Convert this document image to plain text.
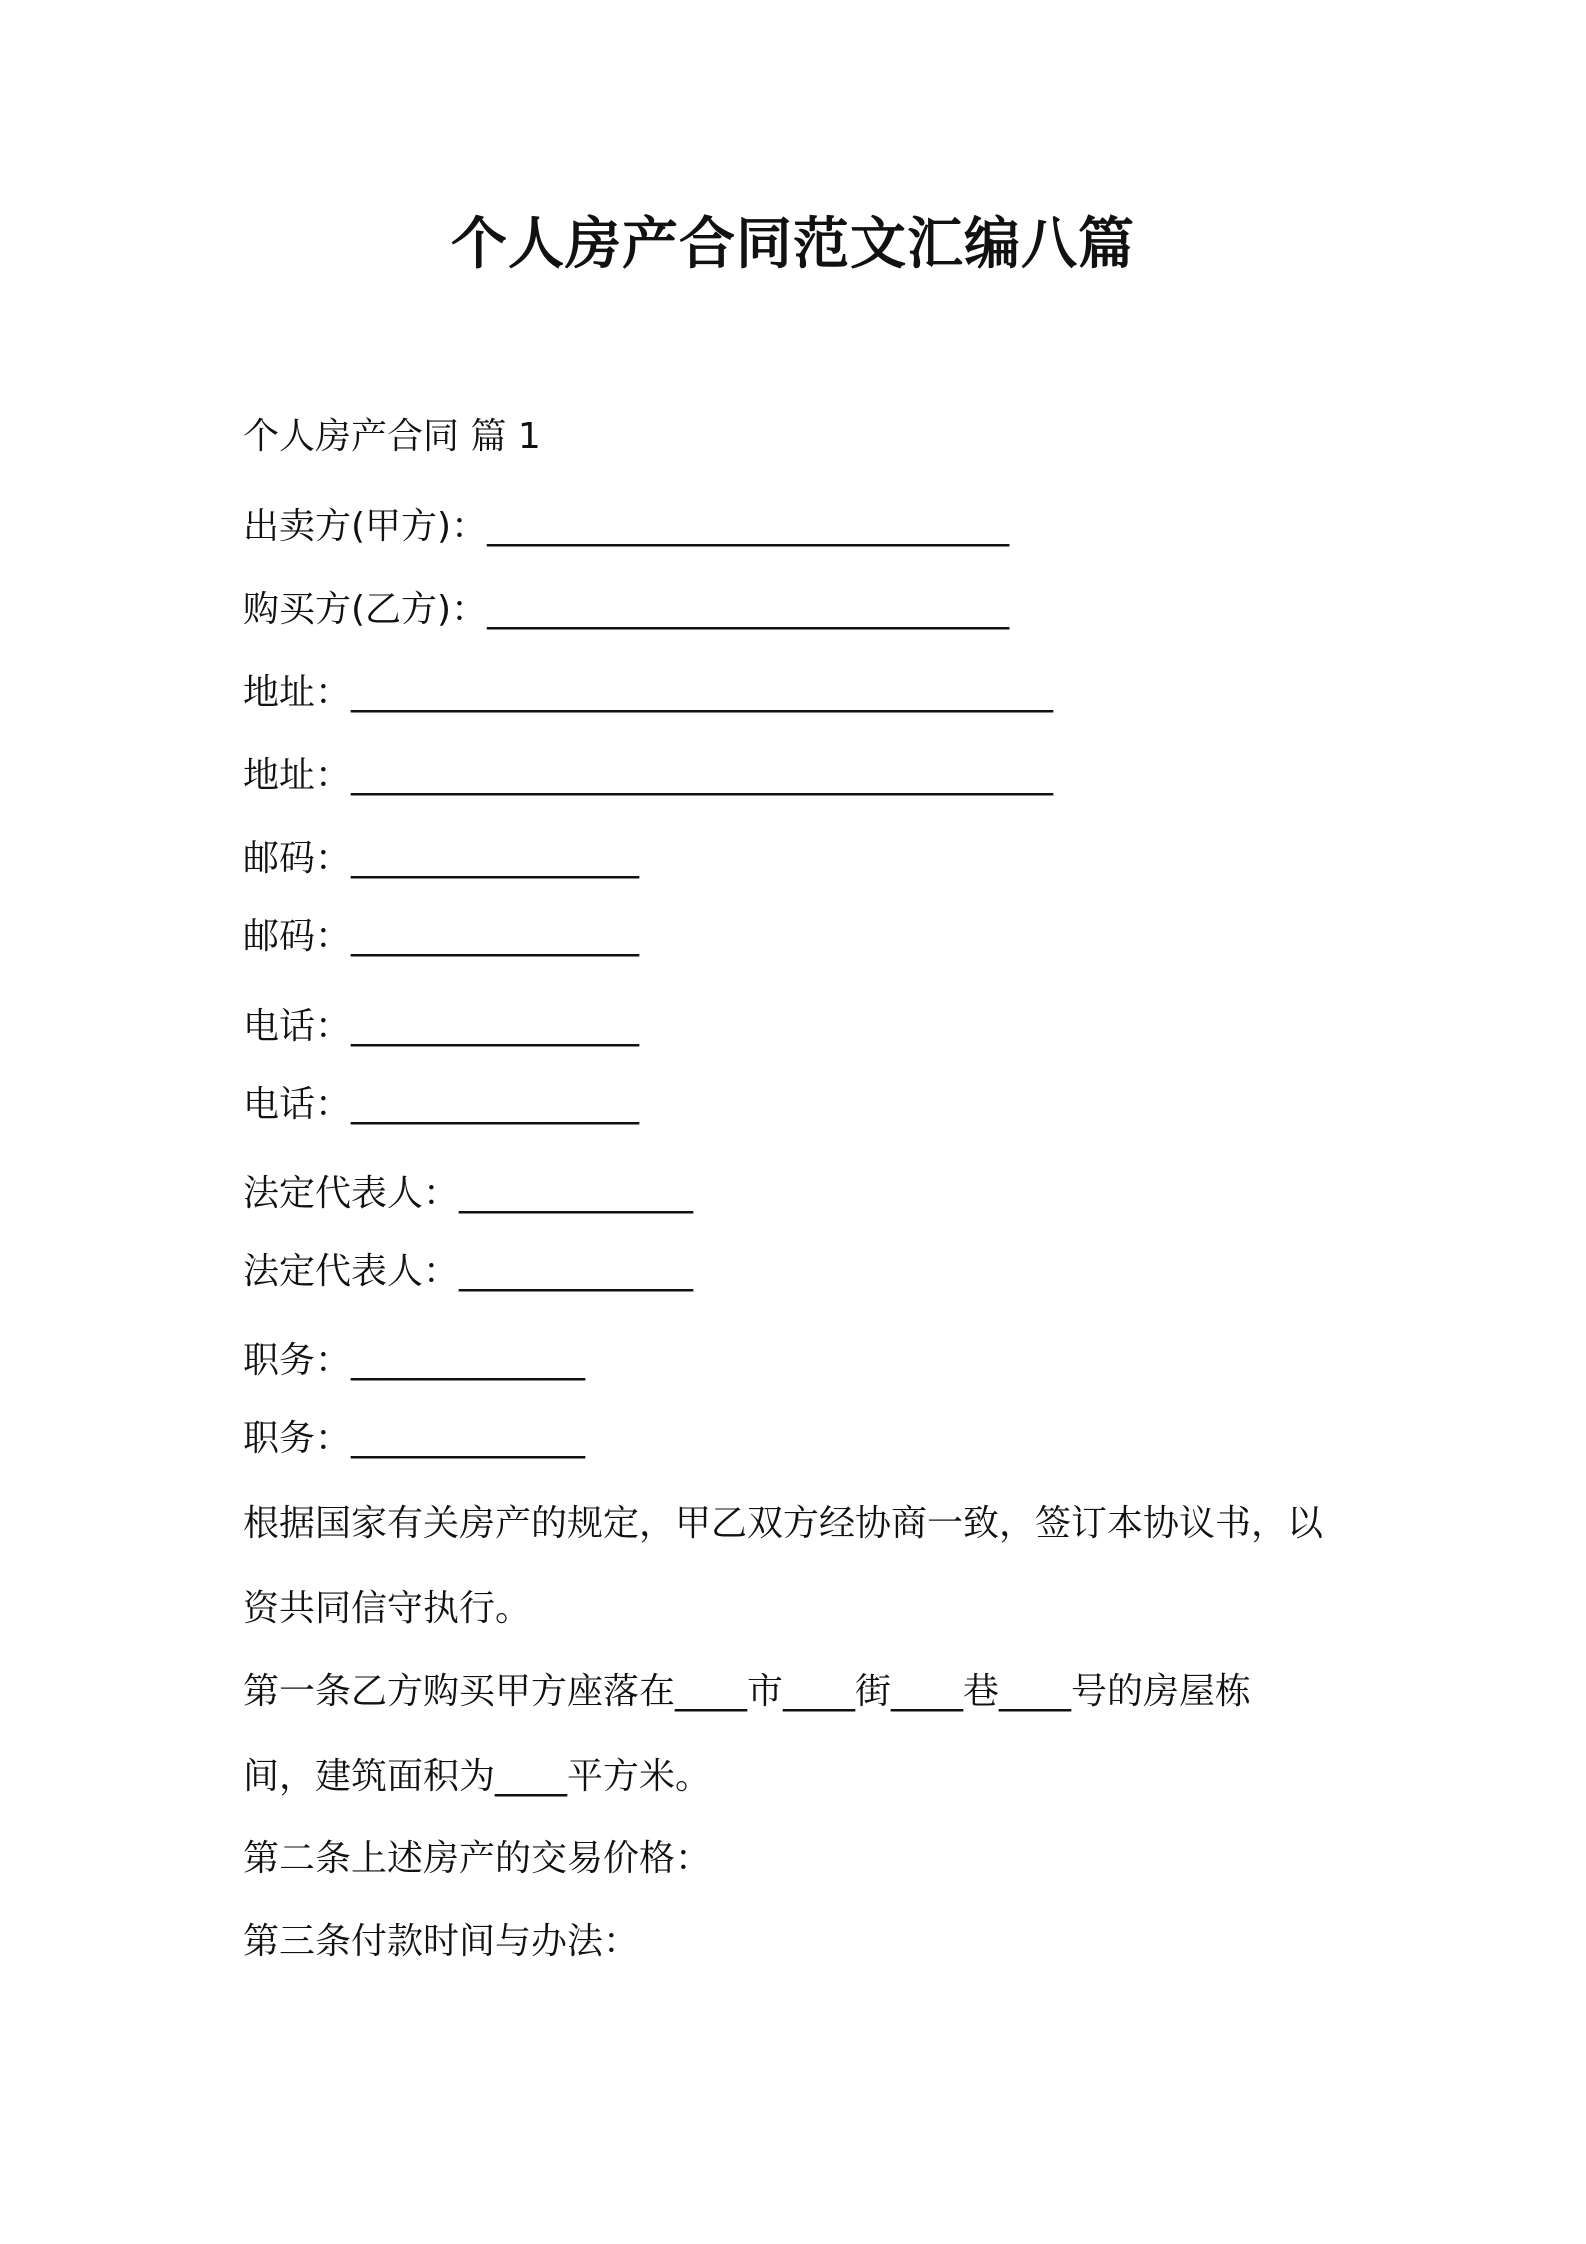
个人房产合同范文汇编八篇
个人房产合同 篇 1
出卖方(甲方)：_____________________________
购买方(乙方)：_____________________________
地址：_______________________________________
地址：_______________________________________
邮码：________________
邮码：________________
电话：________________
电话：________________
法定代表人：_____________
法定代表人：_____________
职务：_____________
职务：_____________
根据国家有关房产的规定，甲乙双方经协商一致，签订本协议书，以
资共同信守执行。
第一条乙方购买甲方座落在____市____街____巷____号的房屋栋
间，建筑面积为____平方米。
第二条上述房产的交易价格：
第三条付款时间与办法：
